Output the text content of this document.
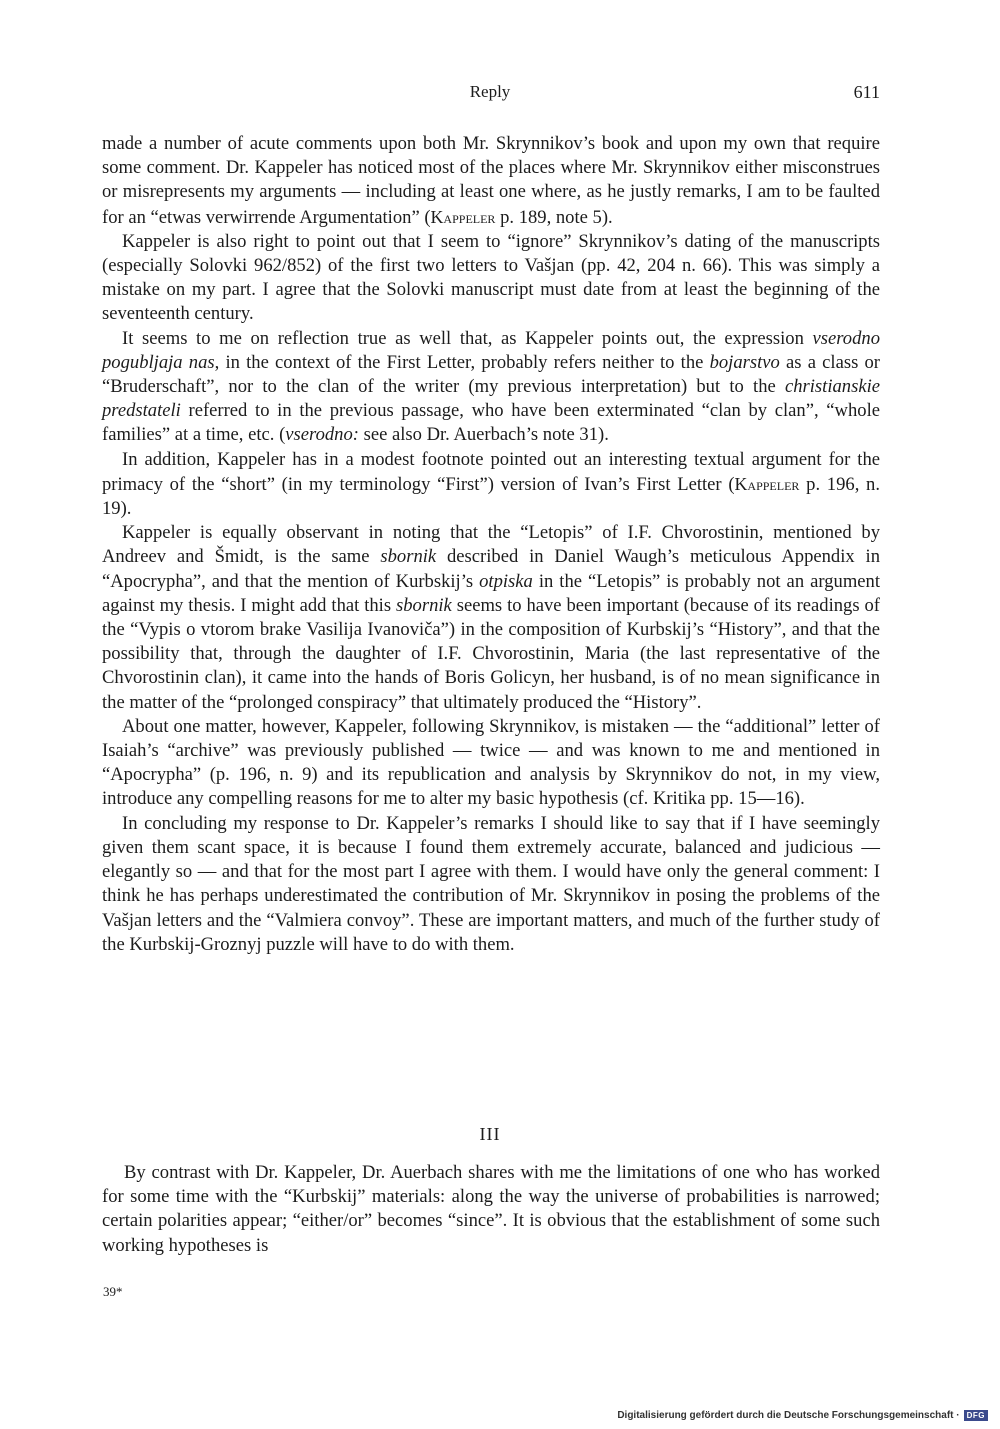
Reply	611

made a number of acute comments upon both Mr. Skrynnikov’s book and upon my own that require some comment. Dr. Kappeler has noticed most of the places where Mr. Skrynnikov either misconstrues or misrepresents my arguments — including at least one where, as he justly remarks, I am to be faulted for an “etwas verwirrende Argumentation” (Kappeler p. 189, note 5).

Kappeler is also right to point out that I seem to “ignore” Skrynnikov’s dating of the manuscripts (especially Solovki 962/852) of the first two letters to Vašjan (pp. 42, 204 n. 66). This was simply a mistake on my part. I agree that the Solovki manuscript must date from at least the beginning of the seventeenth century.

It seems to me on reflection true as well that, as Kappeler points out, the expression vserodno pogubljaja nas, in the context of the First Letter, probably refers neither to the bojarstvo as a class or “Bruderschaft”, nor to the clan of the writer (my previous interpretation) but to the christianskie predstateli referred to in the previous passage, who have been exterminated “clan by clan”, “whole families” at a time, etc. (vserodno: see also Dr. Auerbach’s note 31).

In addition, Kappeler has in a modest footnote pointed out an interesting textual argument for the primacy of the “short” (in my terminology “First”) version of Ivan’s First Letter (Kappeler p. 196, n. 19).

Kappeler is equally observant in noting that the “Letopis” of I.F. Chvorostinin, mentioned by Andreev and Šmidt, is the same sbornik described in Daniel Waugh’s meticulous Appendix in “Apocrypha”, and that the mention of Kurbskij’s otpiska in the “Letopis” is probably not an argument against my thesis. I might add that this sbornik seems to have been important (because of its readings of the “Vypis o vtorom brake Vasilija Ivanoviča”) in the composition of Kurbskij’s “History”, and that the possibility that, through the daughter of I.F. Chvorostinin, Maria (the last representative of the Chvorostinin clan), it came into the hands of Boris Golicyn, her husband, is of no mean significance in the matter of the “prolonged conspiracy” that ultimately produced the “History”.

About one matter, however, Kappeler, following Skrynnikov, is mistaken — the “additional” letter of Isaiah’s “archive” was previously published — twice — and was known to me and mentioned in “Apocrypha” (p. 196, n. 9) and its republication and analysis by Skrynnikov do not, in my view, introduce any compelling reasons for me to alter my basic hypothesis (cf. Kritika pp. 15—16).

In concluding my response to Dr. Kappeler’s remarks I should like to say that if I have seemingly given them scant space, it is because I found them extremely accurate, balanced and judicious — elegantly so — and that for the most part I agree with them. I would have only the general comment: I think he has perhaps underestimated the contribution of Mr. Skrynnikov in posing the problems of the Vašjan letters and the “Valmiera convoy”. These are important matters, and much of the further study of the Kurbskij-Groznyj puzzle will have to do with them.

III

By contrast with Dr. Kappeler, Dr. Auerbach shares with me the limitations of one who has worked for some time with the “Kurbskij” materials: along the way the universe of probabilities is narrowed; certain polarities appear; “either/or” becomes “since”. It is obvious that the establishment of some such working hypotheses is

39*
Digitalisierung gefördert durch die Deutsche Forschungsgemeinschaft · DFG
